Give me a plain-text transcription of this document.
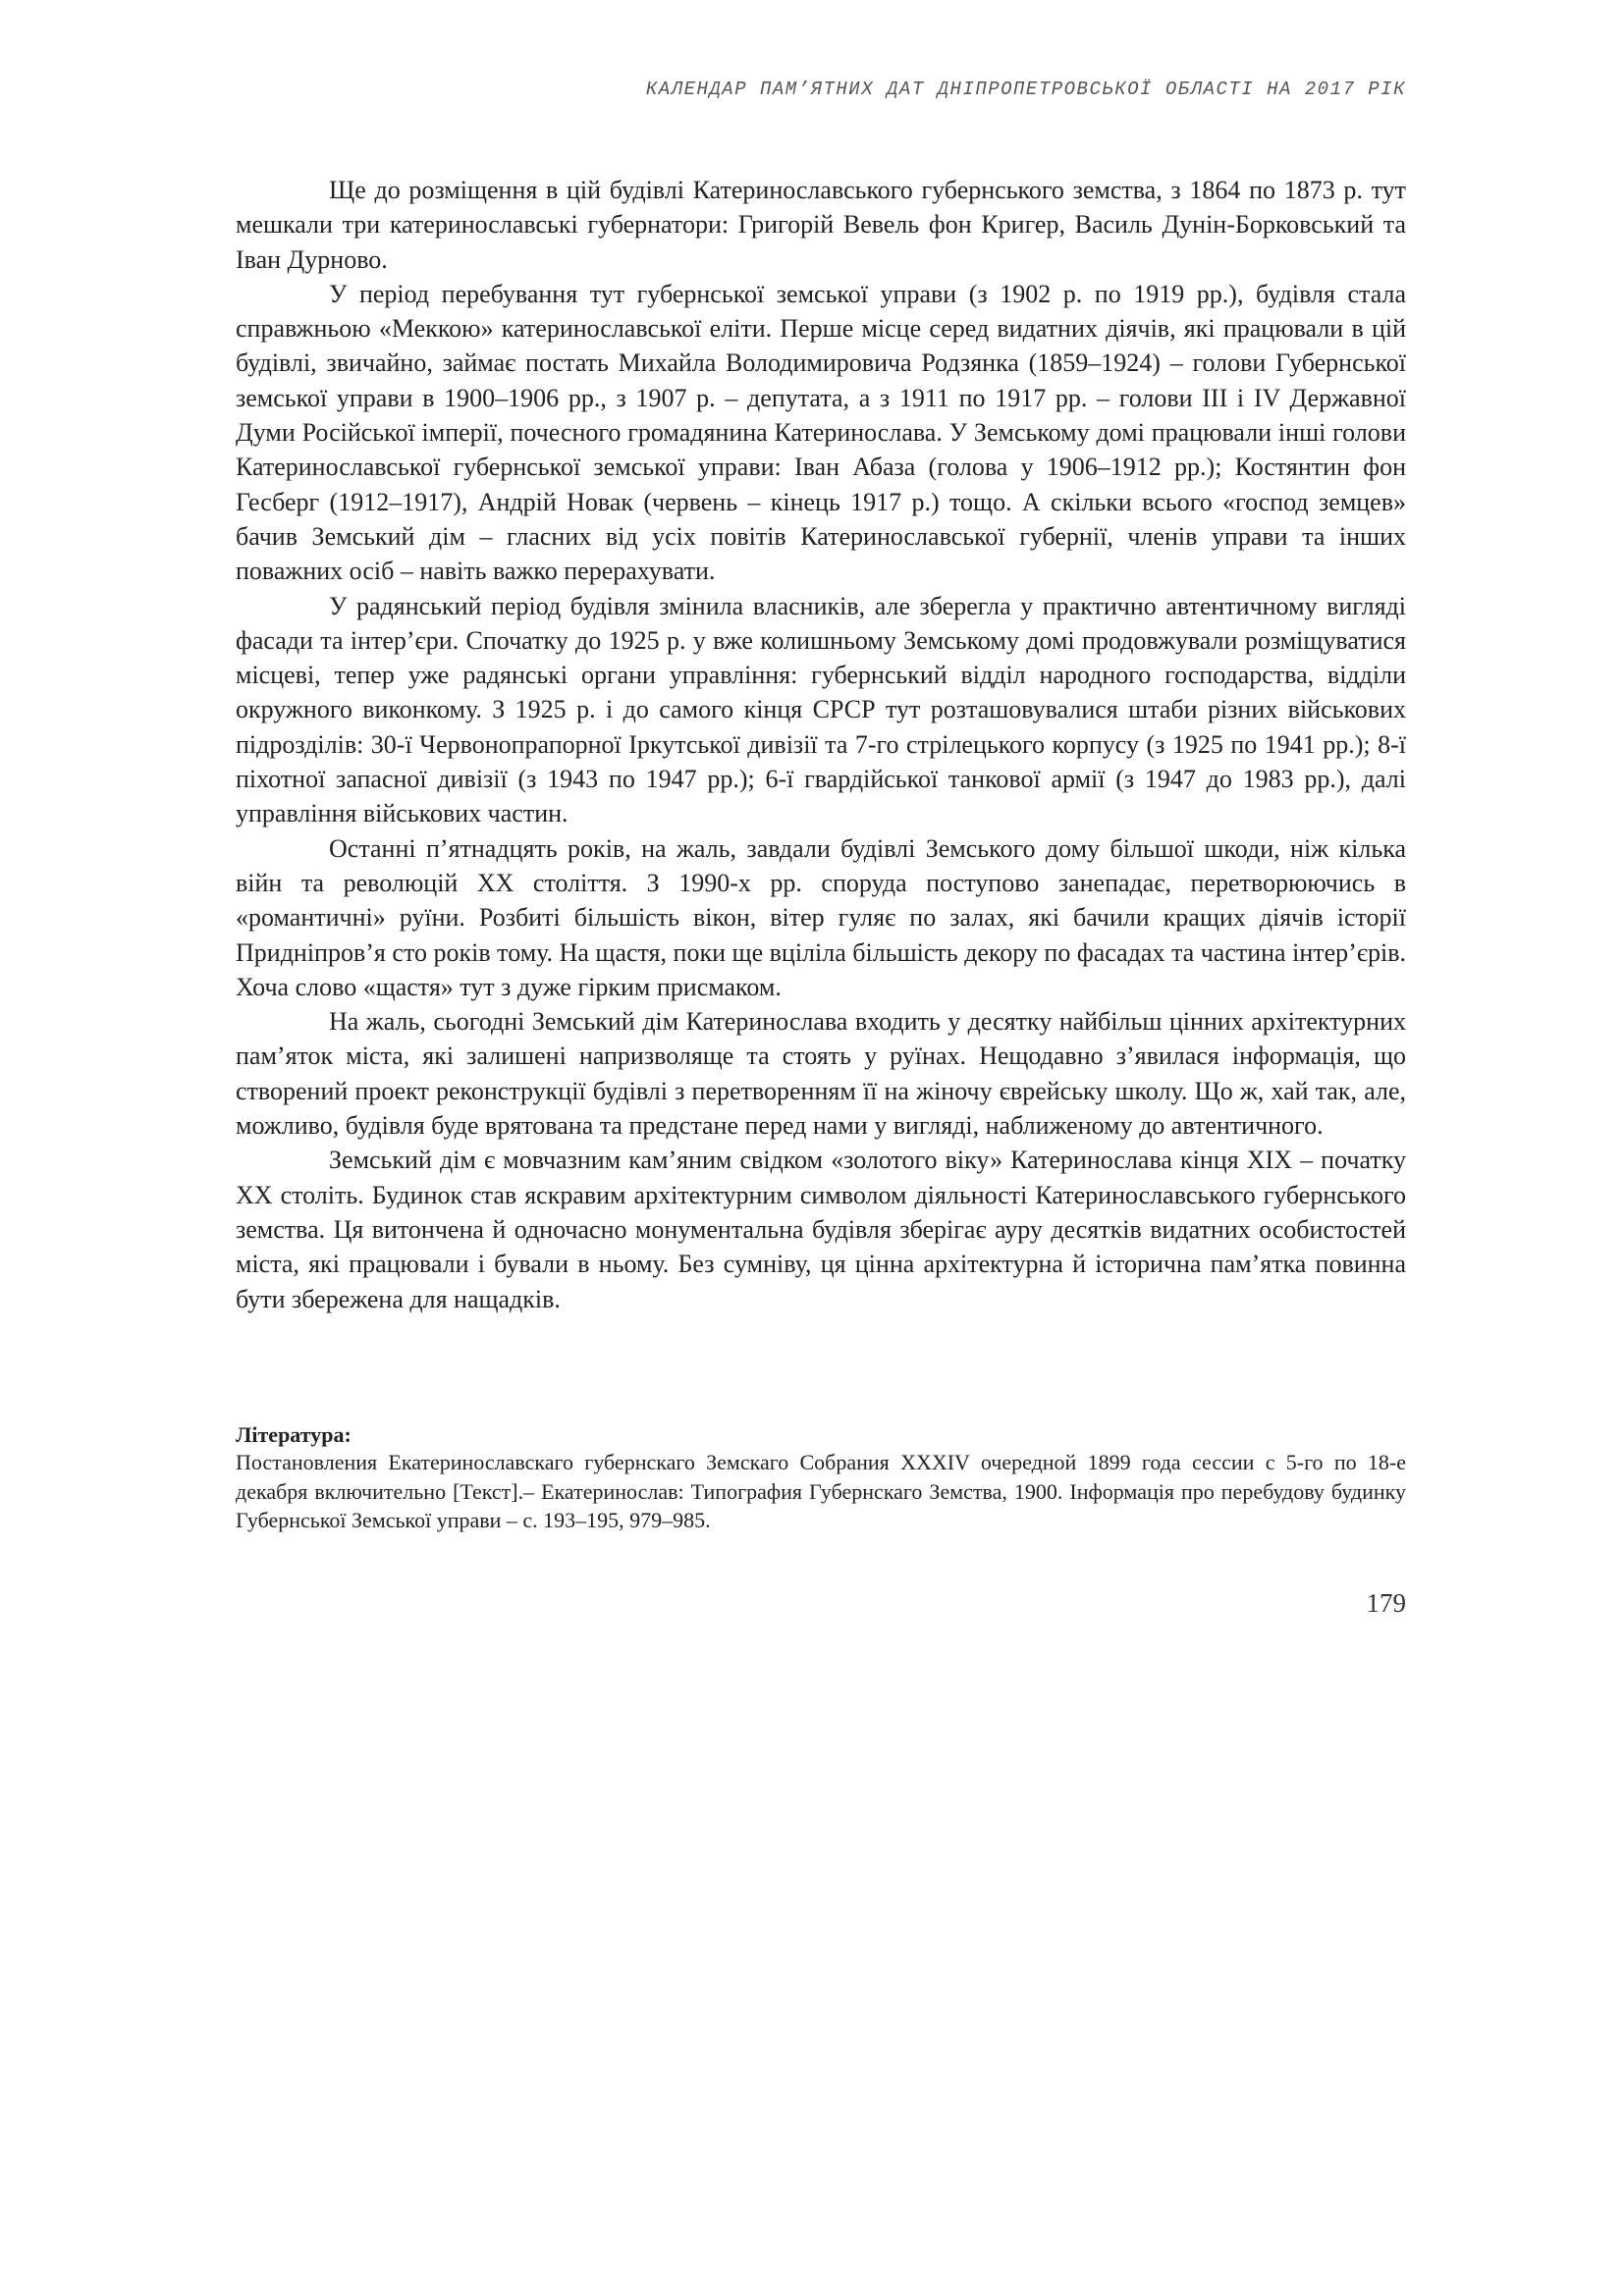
КАЛЕНДАР ПАМ’ЯТНИХ ДАТ ДНІПРОПЕТРОВСЬКОЇ ОБЛАСТІ НА 2017 РІК

Ще до розміщення в цій будівлі Катеринославського губернського земства, з 1864 по 1873 р. тут мешкали три катеринославські губернатори: Григорій Вевель фон Кригер, Василь Дунін-Борковський та Іван Дурново.

У період перебування тут губернської земської управи (з 1902 р. по 1919 рр.), будівля стала справжньою «Меккою» катеринославської еліти. Перше місце серед видатних діячів, які працювали в цій будівлі, звичайно, займає постать Михайла Володимировича Родзянка (1859–1924) – голови Губернської земської управи в 1900–1906 рр., з 1907 р. – депутата, а з 1911 по 1917 рр. – голови ІІІ і IV Державної Думи Російської імперії, почесного громадянина Катеринослава. У Земському домі працювали інші голови Катеринославської губернської земської управи: Іван Абаза (голова у 1906–1912 рр.); Костянтин фон Гесберг (1912–1917), Андрій Новак (червень – кінець 1917 р.) тощо. А скільки всього «господ земцев» бачив Земський дім – гласних від усіх повітів Катеринославської губернії, членів управи та інших поважних осіб – навіть важко перерахувати.

У радянський період будівля змінила власників, але зберегла у практично автентичному вигляді фасади та інтер’єри. Спочатку до 1925 р. у вже колишньому Земському домі продовжували розміщуватися місцеві, тепер уже радянські органи управління: губернський відділ народного господарства, відділи окружного виконкому. З 1925 р. і до самого кінця СРСР тут розташовувалися штаби різних військових підрозділів: 30-ї Червонопрапорної Іркутської дивізії та 7-го стрілецького корпусу (з 1925 по 1941 рр.); 8-ї піхотної запасної дивізії (з 1943 по 1947 рр.); 6-ї гвардійської танкової армії (з 1947 до 1983 рр.), далі управління військових частин.

Останні п’ятнадцять років, на жаль, завдали будівлі Земського дому більшої шкоди, ніж кілька війн та революцій ХХ століття. З 1990-х рр. споруда поступово занепадає, перетворюючись в «романтичні» руїни. Розбиті більшість вікон, вітер гуляє по залах, які бачили кращих діячів історії Придніпров’я сто років тому. На щастя, поки ще вціліла більшість декору по фасадах та частина інтер’єрів. Хоча слово «щастя» тут з дуже гірким присмаком.

На жаль, сьогодні Земський дім Катеринослава входить у десятку найбільш цінних архітектурних пам’яток міста, які залишені напризволяще та стоять у руїнах. Нещодавно з’явилася інформація, що створений проект реконструкції будівлі з перетворенням її на жіночу єврейську школу. Що ж, хай так, але, можливо, будівля буде врятована та предстане перед нами у вигляді, наближеному до автентичного.

Земський дім є мовчазним кам’яним свідком «золотого віку» Катеринослава кінця ХІХ – початку ХХ століть. Будинок став яскравим архітектурним символом діяльності Катеринославського губернського земства. Ця витончена й одночасно монументальна будівля зберігає ауру десятків видатних особистостей міста, які працювали і бували в ньому. Без сумніву, ця цінна архітектурна й історична пам’ятка повинна бути збережена для нащадків.

Література:

Постановления Екатеринославскаго губернскаго Земскаго Собрания XXXIV очередной 1899 года сессии с 5-го по 18-е декабря включительно [Текст].– Екатеринослав: Типография Губернскаго Земства, 1900. Інформація про перебудову будинку Губернської Земської управи – с. 193–195, 979–985.

179
